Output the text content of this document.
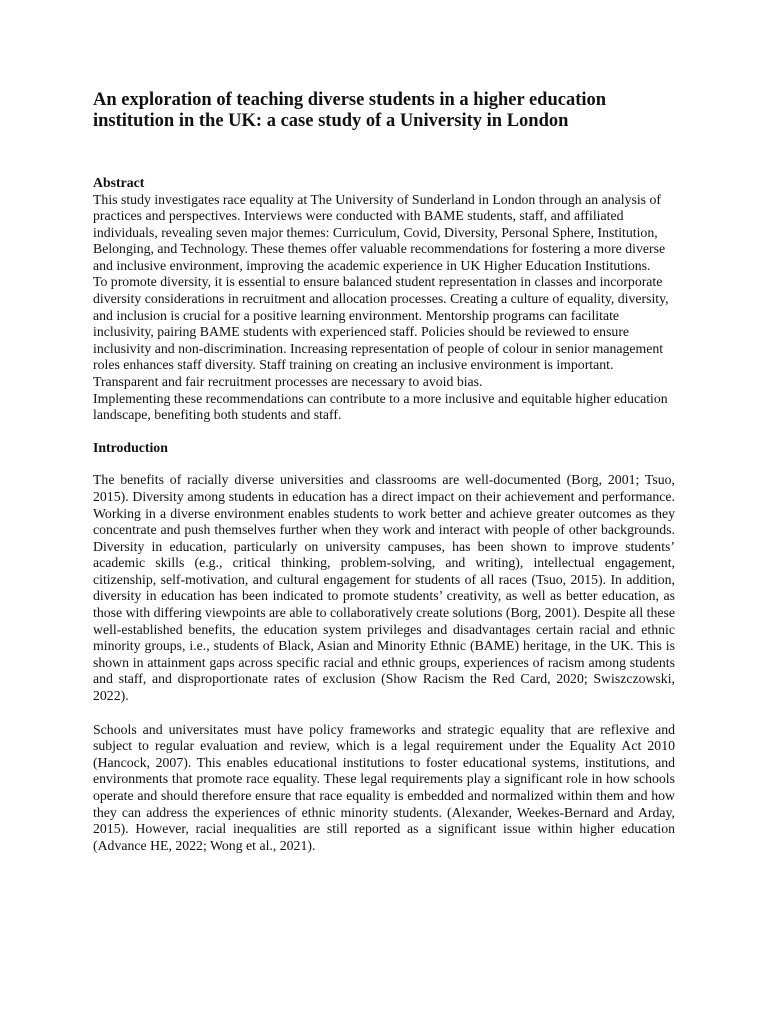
An exploration of teaching diverse students in a higher education institution in the UK: a case study of a University in London
Abstract

This study investigates race equality at The University of Sunderland in London through an analysis of practices and perspectives. Interviews were conducted with BAME students, staff, and affiliated individuals, revealing seven major themes: Curriculum, Covid, Diversity, Personal Sphere, Institution, Belonging, and Technology. These themes offer valuable recommendations for fostering a more diverse and inclusive environment, improving the academic experience in UK Higher Education Institutions.

To promote diversity, it is essential to ensure balanced student representation in classes and incorporate diversity considerations in recruitment and allocation processes. Creating a culture of equality, diversity, and inclusion is crucial for a positive learning environment. Mentorship programs can facilitate inclusivity, pairing BAME students with experienced staff. Policies should be reviewed to ensure inclusivity and non-discrimination. Increasing representation of people of colour in senior management roles enhances staff diversity. Staff training on creating an inclusive environment is important. Transparent and fair recruitment processes are necessary to avoid bias.

Implementing these recommendations can contribute to a more inclusive and equitable higher education landscape, benefiting both students and staff.

Introduction

The benefits of racially diverse universities and classrooms are well-documented (Borg, 2001; Tsuo, 2015). Diversity among students in education has a direct impact on their achievement and performance. Working in a diverse environment enables students to work better and achieve greater outcomes as they concentrate and push themselves further when they work and interact with people of other backgrounds. Diversity in education, particularly on university campuses, has been shown to improve students’ academic skills (e.g., critical thinking, problem-solving, and writing), intellectual engagement, citizenship, self-motivation, and cultural engagement for students of all races (Tsuo, 2015). In addition, diversity in education has been indicated to promote students’ creativity, as well as better education, as those with differing viewpoints are able to collaboratively create solutions (Borg, 2001). Despite all these well-established benefits, the education system privileges and disadvantages certain racial and ethnic minority groups, i.e., students of Black, Asian and Minority Ethnic (BAME) heritage, in the UK. This is shown in attainment gaps across specific racial and ethnic groups, experiences of racism among students and staff, and disproportionate rates of exclusion (Show Racism the Red Card, 2020; Swiszczowski, 2022).

Schools and universitates must have policy frameworks and strategic equality that are reflexive and subject to regular evaluation and review, which is a legal requirement under the Equality Act 2010 (Hancock, 2007). This enables educational institutions to foster educational systems, institutions, and environments that promote race equality. These legal requirements play a significant role in how schools operate and should therefore ensure that race equality is embedded and normalized within them and how they can address the experiences of ethnic minority students. (Alexander, Weekes-Bernard and Arday, 2015). However, racial inequalities are still reported as a significant issue within higher education (Advance HE, 2022; Wong et al., 2021).
